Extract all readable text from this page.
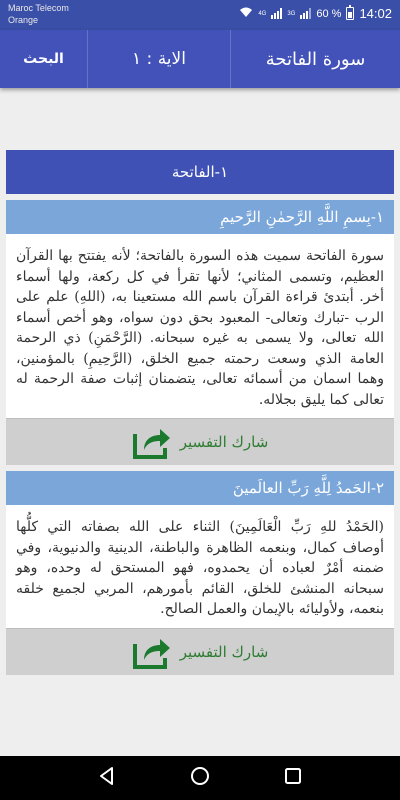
Maroc Telecom
Orange
4G	3G 60 % 14:02
البحث	الاية : ١	سورة الفاتحة
١-الفاتحة
١-بِسمِ اللَّهِ الرَّحمٰنِ الرَّحيمِ
سورة الفاتحة سميت هذه السورة بالفاتحة؛ لأنه يفتتح بها القرآن العظيم، وتسمى المثاني؛ لأنها تقرأ في كل ركعة، ولها أسماء أخر. أبتدئ قراءة القرآن باسم الله مستعينا به، (اللهِ) علم على الرب -تبارك وتعالى- المعبود بحق دون سواه، وهو أخص أسماء الله تعالى، ولا يسمى به غيره سبحانه. (الرَّحْمَنِ) ذي الرحمة العامة الذي وسعت رحمته جميع الخلق، (الرَّحِيمِ) بالمؤمنين، وهما اسمان من أسمائه تعالى، يتضمنان إثبات صفة الرحمة له تعالى كما يليق بجلاله.
شارك التفسير
٢-الحَمدُ لِلَّهِ رَبِّ العالَمينَ
(الحَمْدُ للهِ رَبِّ الْعَالَمِينَ) الثناء على الله بصفاته التي كلُّها أوصاف كمال، وبنعمه الظاهرة والباطنة، الدينية والدنيوية، وفي ضمنه أمْرٌ لعباده أن يحمدوه، فهو المستحق له وحده، وهو سبحانه المنشئ للخلق، القائم بأمورهم، المربي لجميع خلقه بنعمه، ولأوليائه بالإيمان والعمل الصالح.
شارك التفسير
